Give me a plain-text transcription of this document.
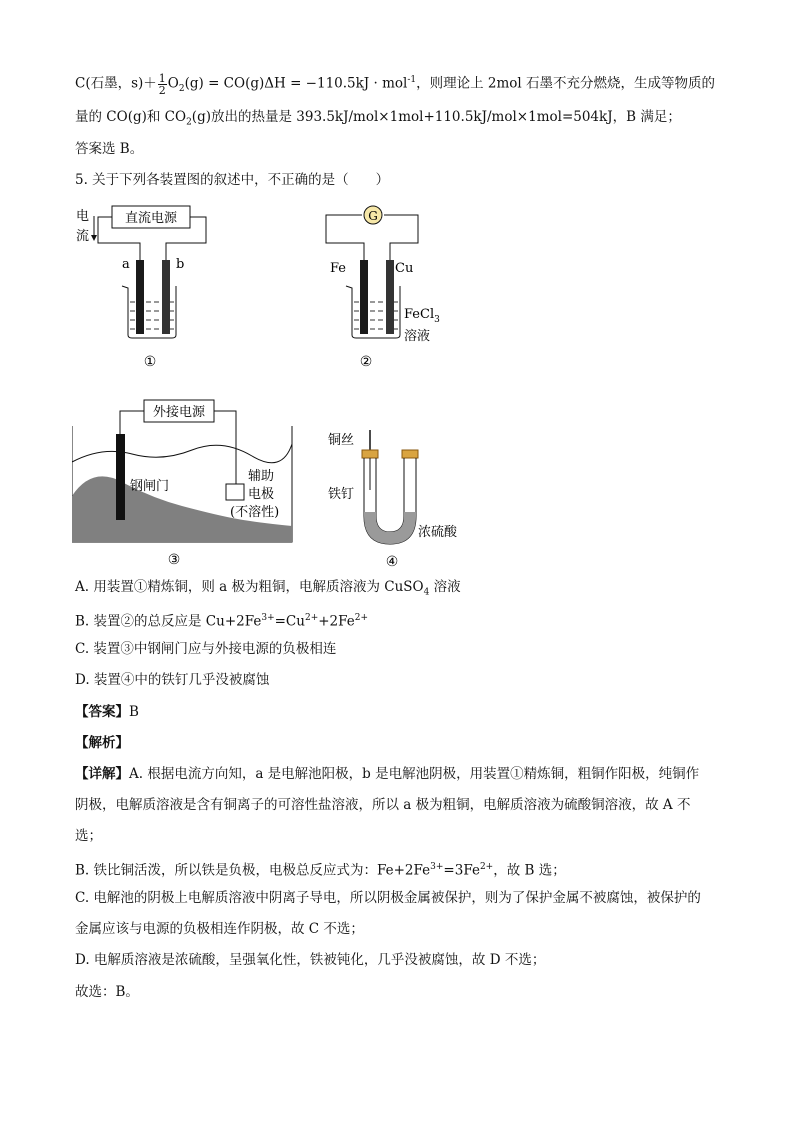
C(石墨，$s)+ \frac{1}{2} O_2(g) = CO(g)\Delta H = -110.5kJ \cdot mol^{-1}$，则理论上 2mol 石墨不充分燃烧，生成等物质的
量的 CO(g)和 $CO_2(g)$放出的热量是 393.5kJ/mol×1mol+110.5kJ/mol×1mol=504kJ，B 满足；
答案选 B。
5. 关于下列各装置图的叙述中，不正确的是（　　）
直流电源
电
流
a	b
①
G
Fe	Cu
FeCl$_3$
溶液
②
外接电源
钢闸门
辅助
电极
(不溶性)
③
铜丝
铁钉
浓硫酸
④
A. 用装置①精炼铜，则 a 极为粗铜，电解质溶液为 CuSO$_4$ 溶液
B. 装置②的总反应是 $Cu+2Fe^{3+}=Cu^{2+}+2Fe^{2+}$
C. 装置③中钢闸门应与外接电源的负极相连
D. 装置④中的铁钉几乎没被腐蚀
【答案】B
【解析】
【详解】A. 根据电流方向知，a 是电解池阳极，b 是电解池阴极，用装置①精炼铜，粗铜作阳极，纯铜作
阴极，电解质溶液是含有铜离子的可溶性盐溶液，所以 a 极为粗铜，电解质溶液为硫酸铜溶液，故 A 不
选；
B. 铁比铜活泼，所以铁是负极，电极总反应式为：$Fe+2Fe^{3+}=3Fe^{2+}$，故 B 选；
C. 电解池的阴极上电解质溶液中阴离子导电，所以阴极金属被保护，则为了保护金属不被腐蚀，被保护的
金属应该与电源的负极相连作阴极，故 C 不选；
D. 电解质溶液是浓硫酸，呈强氧化性，铁被钝化，几乎没被腐蚀，故 D 不选；
故选：B。
